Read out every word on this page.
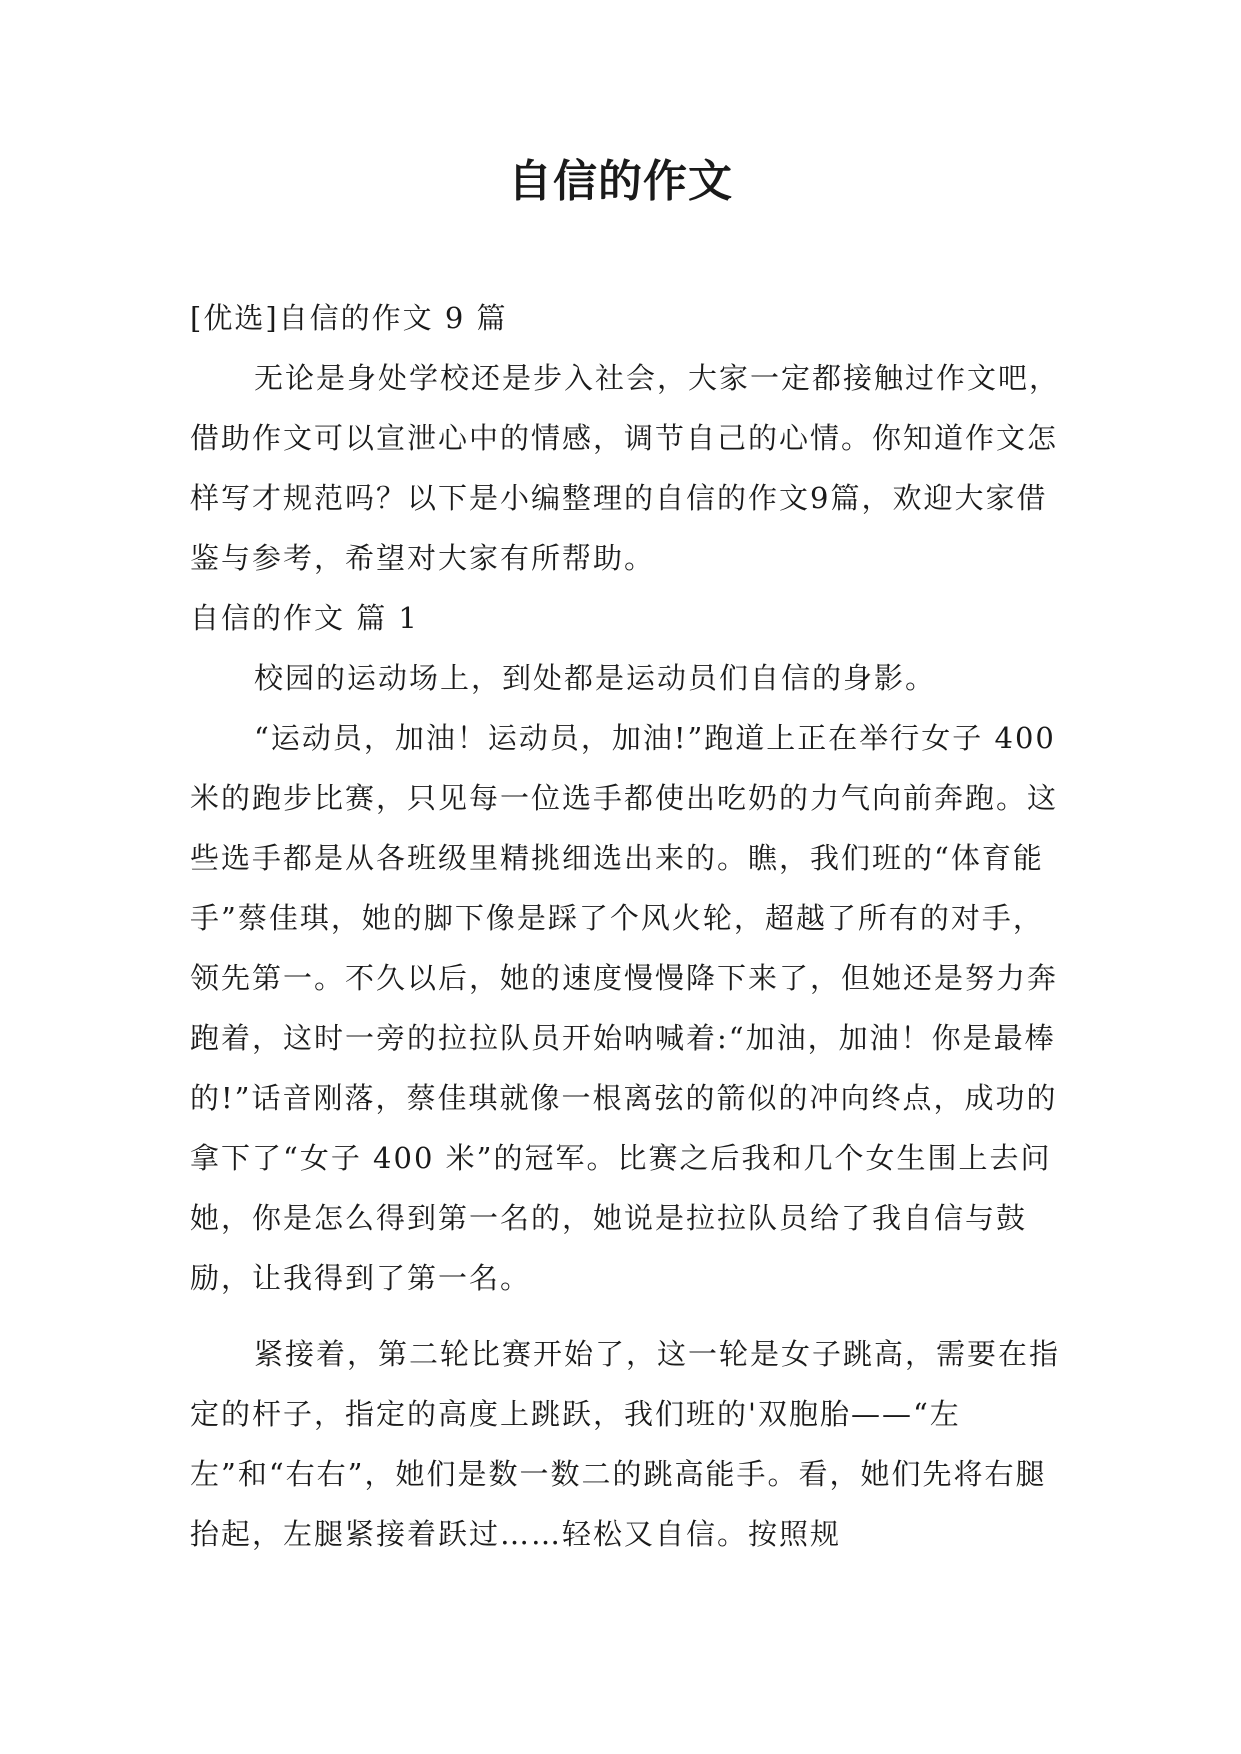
自信的作文

[优选]自信的作文 9 篇

无论是身处学校还是步入社会，大家一定都接触过作文吧，借助作文可以宣泄心中的情感，调节自己的心情。你知道作文怎样写才规范吗？以下是小编整理的自信的作文9篇，欢迎大家借鉴与参考，希望对大家有所帮助。

自信的作文 篇 1

校园的运动场上，到处都是运动员们自信的身影。

“运动员，加油！运动员，加油!”跑道上正在举行女子 400 米的跑步比赛，只见每一位选手都使出吃奶的力气向前奔跑。这些选手都是从各班级里精挑细选出来的。瞧，我们班的“体育能手”蔡佳琪，她的脚下像是踩了个风火轮，超越了所有的对手，领先第一。不久以后，她的速度慢慢降下来了，但她还是努力奔跑着，这时一旁的拉拉队员开始呐喊着:“加油，加油！你是最棒的!”话音刚落，蔡佳琪就像一根离弦的箭似的冲向终点，成功的拿下了“女子 400 米”的冠军。比赛之后我和几个女生围上去问她，你是怎么得到第一名的，她说是拉拉队员给了我自信与鼓励，让我得到了第一名。

紧接着，第二轮比赛开始了，这一轮是女子跳高，需要在指定的杆子，指定的高度上跳跃，我们班的'双胞胎——“左左”和“右右”，她们是数一数二的跳高能手。看，她们先将右腿抬起，左腿紧接着跃过……轻松又自信。按照规
